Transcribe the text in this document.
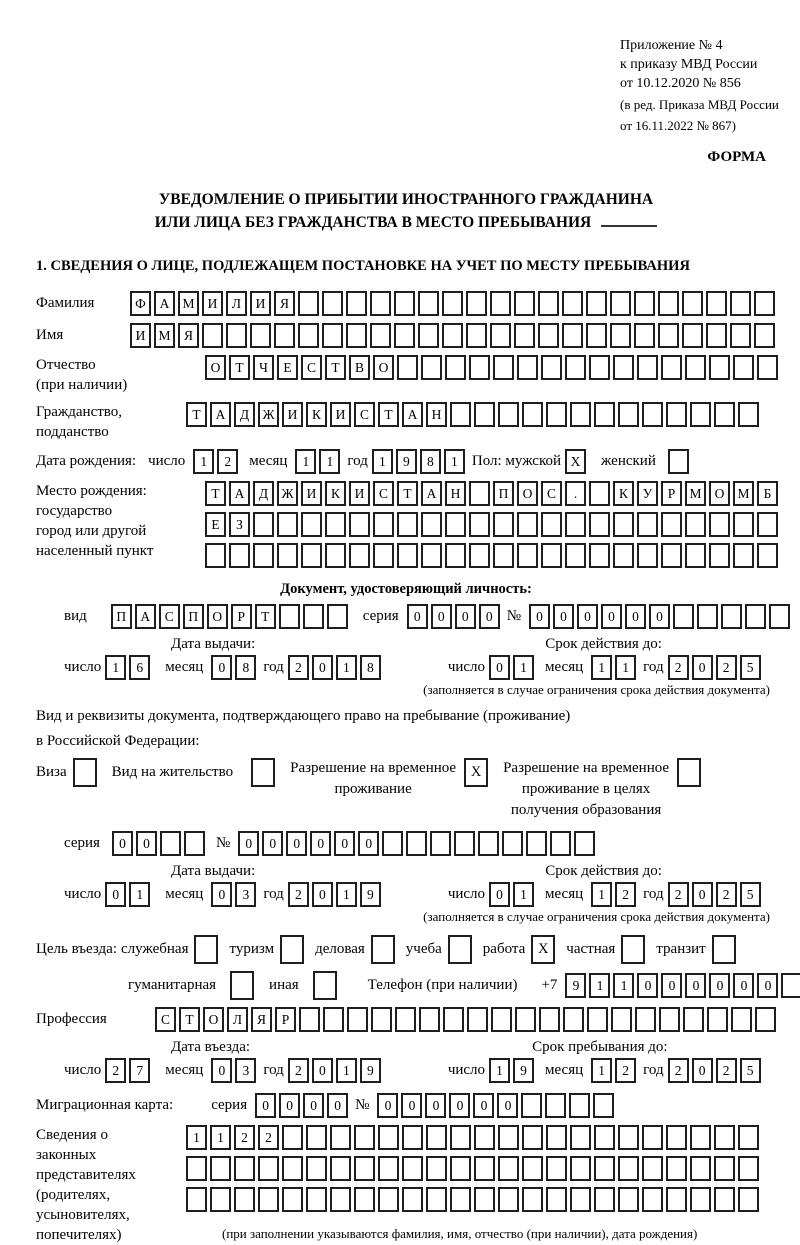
Приложение № 4
к приказу МВД России
от 10.12.2020 № 856
(в ред. Приказа МВД России
от 16.11.2022 № 867)
ФОРМА
УВЕДОМЛЕНИЕ О ПРИБЫТИИ ИНОСТРАННОГО ГРАЖДАНИНА
ИЛИ ЛИЦА БЕЗ ГРАЖДАНСТВА В МЕСТО ПРЕБЫВАНИЯ
1. СВЕДЕНИЯ О ЛИЦЕ, ПОДЛЕЖАЩЕМ ПОСТАНОВКЕ НА УЧЕТ ПО МЕСТУ ПРЕБЫВАНИЯ
Фамилия	Ф	А М И	Л	И	Я
Имя	И М Я
Отчество
(при наличии)
О	Т	Ч	Е	С	Т	В	О
Гражданство,
подданство
Т	А	Д Ж И	К	И	С	Т	А	Н
Дата рождения: число	1	2	месяц	1	1 год 1	9	8	1 Пол: мужской X	женский
Место рождения:
государство
город или другой
населенный пункт
Т	А	Д Ж И	К	И	С	Т	А	Н	П	О	С	.	К	У	Р	М О М	Б
Е	З
Документ, удостоверяющий личность:
вид	П	А	С	П	О	Р	Т	серия	0	0	0	0 №	0	0	0	0	0	0
Дата выдачи:	Срок действия до:
число 1	6	месяц	0	8 год 2	0	1	8	число 0	1	месяц	1	1 год 2	0	2	5
(заполняется в случае ограничения срока действия документа)
Вид и реквизиты документа, подтверждающего право на пребывание (проживание)
в Российской Федерации:
Виза	Вид на жительство	Разрешение на временное
проживание
X	Разрешение на временное
проживание в целях
получения образования
серия	0	0	№	0	0	0	0	0	0
Дата выдачи:	Срок действия до:
число 0	1	месяц	0	3 год 2	0	1	9	число 0	1	месяц	1	2 год 2	0	2	5
(заполняется в случае ограничения срока действия документа)
Цель въезда: служебная	туризм	деловая	учеба	работа X	частная	транзит
гуманитарная	иная	Телефон (при наличии) +7	9	1	1	0	0	0	0	0	0
Профессия	С	Т	О	Л	Я	Р
Дата въезда:	Срок пребывания до:
число 2	7	месяц	0	3 год 2	0	1	9	число 1	9	месяц	1	2 год 2	0	2	5
Миграционная карта:	серия	0	0	0	0 №	0	0	0	0	0	0
Сведения о
законных
представителях
(родителях,
усыновителях,
попечителях)
1	1	2	2
(при заполнении указываются фамилия, имя, отчество (при наличии), дата рождения)
